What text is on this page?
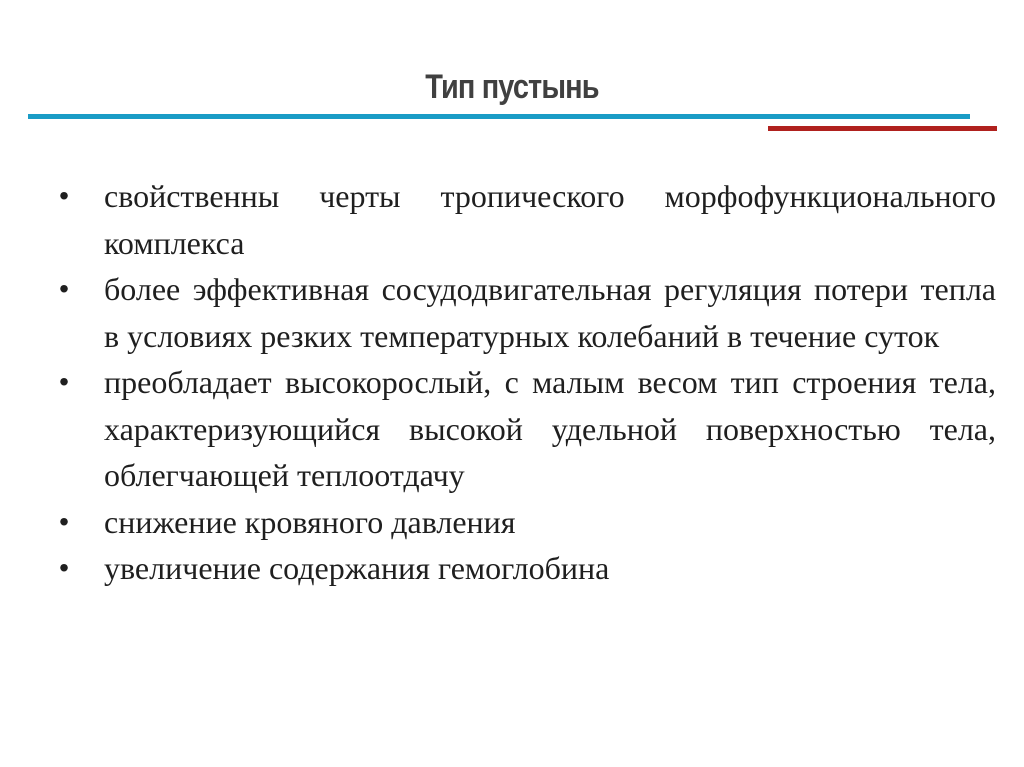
Тип пустынь
• свойственны черты тропического морфофункционального комплекса
• более эффективная сосудодвигательная регуляция потери тепла в условиях резких температурных колебаний в течение суток
• преобладает высокорослый, с малым весом тип строения тела, характеризующийся высокой удельной поверхностью тела, облегчающей теплоотдачу
• снижение кровяного давления
• увеличение содержания гемоглобина
